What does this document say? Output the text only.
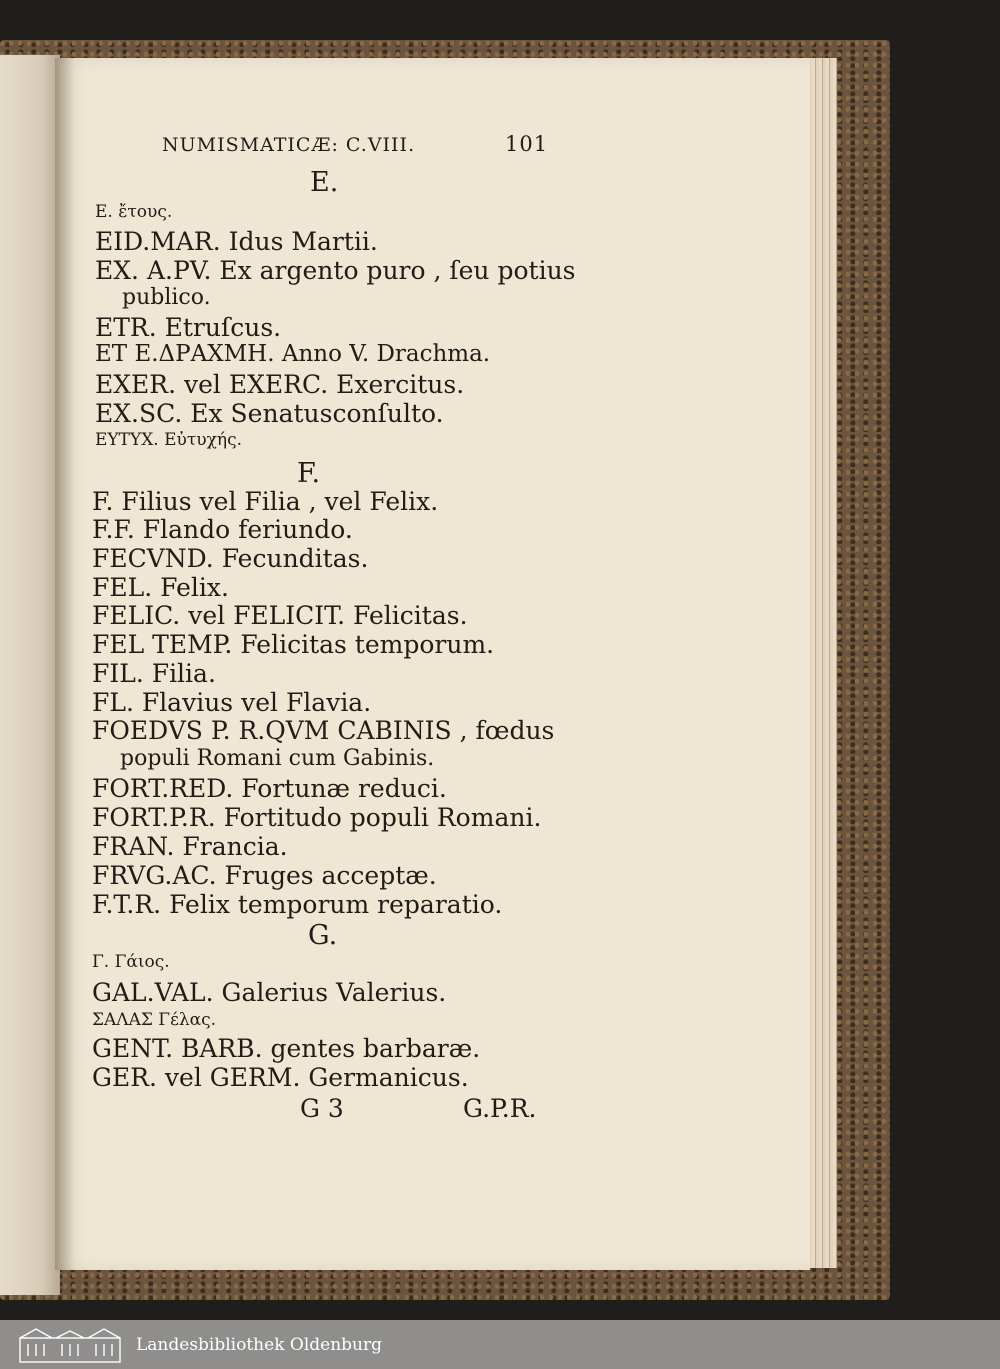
NUMISMATICÆ: C.VIII.	101
E.
E. ἔτους.
EID.MAR. Idus Martii.
EX. A.PV. Ex argento puro , ſeu potius
publico.
ETR. Etruſcus.
ET E.ΔΡΑΧΜΗ. Anno V. Drachma.
EXER. vel EXERC. Exercitus.
EX.SC. Ex Senatusconſulto.
ΕΥΤΥΧ. Εὐτυχής.
F.
F. Filius vel Filia , vel Felix.
F.F. Flando feriundo.
FECVND. Fecunditas.
FEL. Felix.
FELIC. vel FELICIT. Felicitas.
FEL TEMP. Felicitas temporum.
FIL. Filia.
FL. Flavius vel Flavia.
FOEDVS P. R.QVM CABINIS , fœdus
populi Romani cum Gabinis.
FORT.RED. Fortunæ reduci.
FORT.P.R. Fortitudo populi Romani.
FRAN. Francia.
FRVG.AC. Fruges acceptæ.
F.T.R. Felix temporum reparatio.
G.
Γ. Γάιος.
GAL.VAL. Galerius Valerius.
ΣΑΛΑΣ Γέλας.
GENT. BARB. gentes barbaræ.
GER. vel GERM. Germanicus.
G 3	G.P.R.
Landesbibliothek Oldenburg
